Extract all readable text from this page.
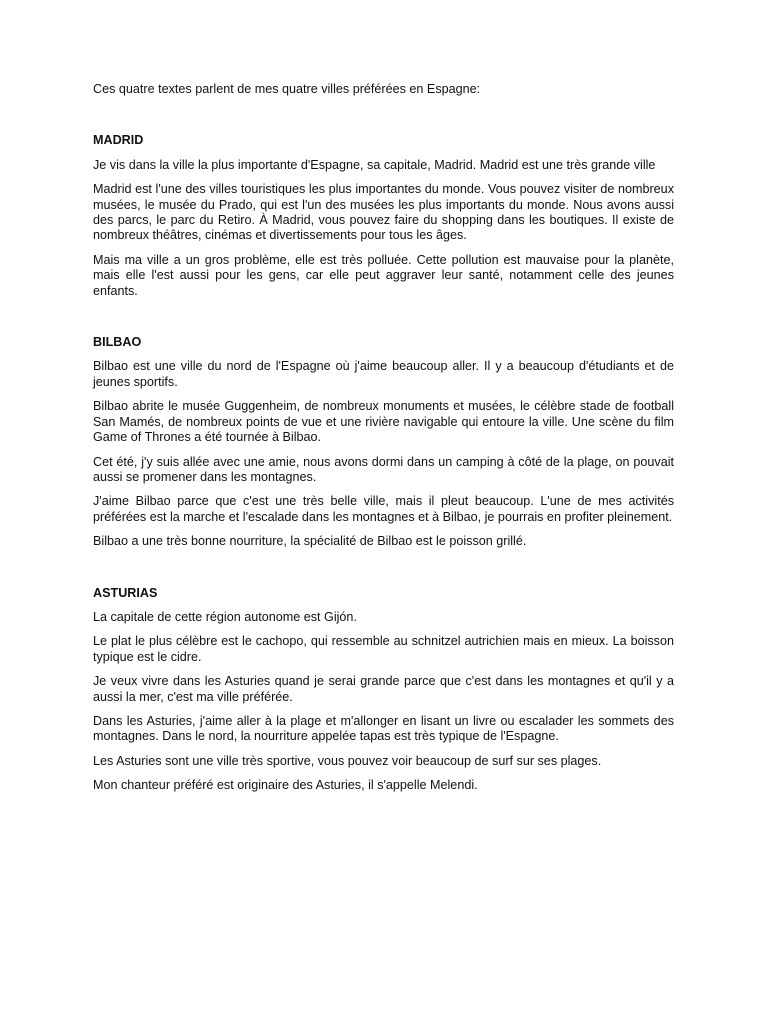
Ces quatre textes parlent de mes quatre villes préférées en Espagne:

MADRID

Je vis dans la ville la plus importante d'Espagne, sa capitale, Madrid. Madrid est une très grande ville

Madrid est l'une des villes touristiques les plus importantes du monde. Vous pouvez visiter de nombreux musées, le musée du Prado, qui est l'un des musées les plus importants du monde. Nous avons aussi des parcs, le parc du Retiro. À Madrid, vous pouvez faire du shopping dans les boutiques. Il existe de nombreux théâtres, cinémas et divertissements pour tous les âges.

Mais ma ville a un gros problème, elle est très polluée. Cette pollution est mauvaise pour la planète, mais elle l'est aussi pour les gens, car elle peut aggraver leur santé, notamment celle des jeunes enfants.

BILBAO

Bilbao est une ville du nord de l'Espagne où j'aime beaucoup aller. Il y a beaucoup d'étudiants et de jeunes sportifs.

Bilbao abrite le musée Guggenheim, de nombreux monuments et musées, le célèbre stade de football San Mamés, de nombreux points de vue et une rivière navigable qui entoure la ville. Une scène du film Game of Thrones a été tournée à Bilbao.

Cet été, j'y suis allée avec une amie, nous avons dormi dans un camping à côté de la plage, on pouvait aussi se promener dans les montagnes.

J'aime Bilbao parce que c'est une très belle ville, mais il pleut beaucoup. L'une de mes activités préférées est la marche et l'escalade dans les montagnes et à Bilbao, je pourrais en profiter pleinement.

Bilbao a une très bonne nourriture, la spécialité de Bilbao est le poisson grillé.

ASTURIAS

La capitale de cette région autonome est Gijón.

Le plat le plus célèbre est le cachopo, qui ressemble au schnitzel autrichien mais en mieux. La boisson typique est le cidre.

Je veux vivre dans les Asturies quand je serai grande parce que c'est dans les montagnes et qu'il y a aussi la mer, c'est ma ville préférée.

Dans les Asturies, j'aime aller à la plage et m'allonger en lisant un livre ou escalader les sommets des montagnes. Dans le nord, la nourriture appelée tapas est très typique de l'Espagne.

Les Asturies sont une ville très sportive, vous pouvez voir beaucoup de surf sur ses plages.

Mon chanteur préféré est originaire des Asturies, il s'appelle Melendi.
